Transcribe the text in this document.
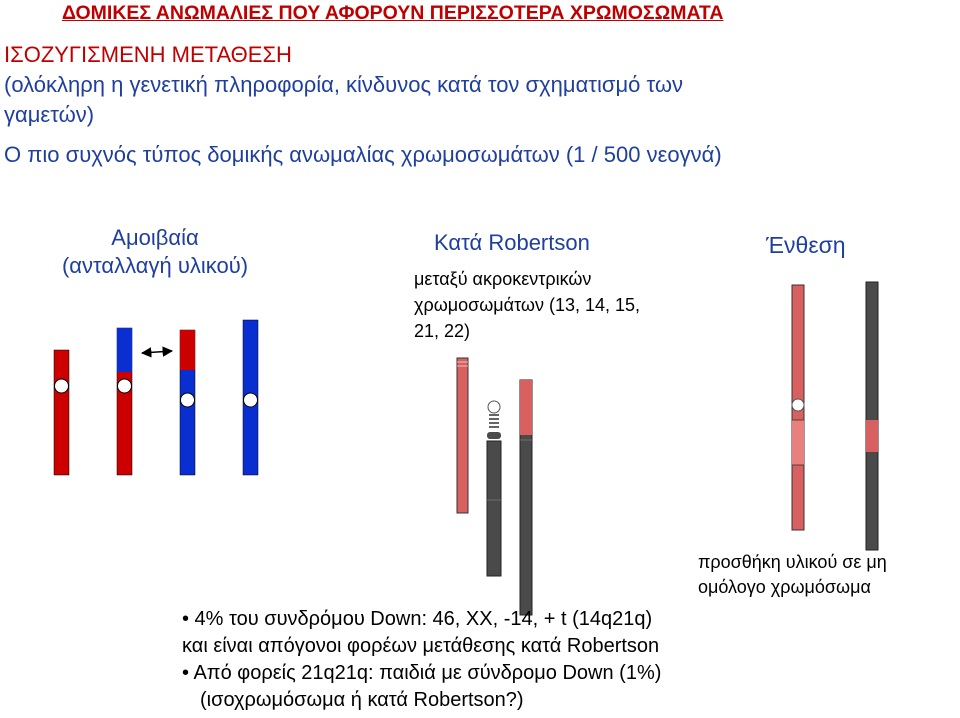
ΔΟΜΙΚΕΣ ΑΝΩΜΑΛΙΕΣ ΠΟΥ ΑΦΟΡΟΥΝ ΠΕΡΙΣΣΟΤΕΡΑ ΧΡΩΜΟΣΩΜΑΤΑ
ΙΣΟΖΥΓΙΣΜΕΝΗ ΜΕΤΑΘΕΣΗ
(ολόκληρη η γενετική πληροφορία, κίνδυνος κατά τον σχηματισμό των
γαμετών)
Ο πιο συχνός τύπος δομικής ανωμαλίας χρωμοσωμάτων (1 / 500 νεογνά)
Αμοιβαία
(ανταλλαγή υλικού)
Κατά Robertson
μεταξύ ακροκεντρικών
χρωμοσωμάτων (13, 14, 15,
21, 22)
Ένθεση
προσθήκη υλικού σε μη
ομόλογο χρωμόσωμα
• 4% του συνδρόμου Down: 46, XX, -14, + t (14q21q)
και είναι απόγονοι φορέων μετάθεσης κατά Robertson
• Από φορείς 21q21q: παιδιά με σύνδρομο Down (1%)
(ισοχρωμόσωμα ή κατά Robertson?)
